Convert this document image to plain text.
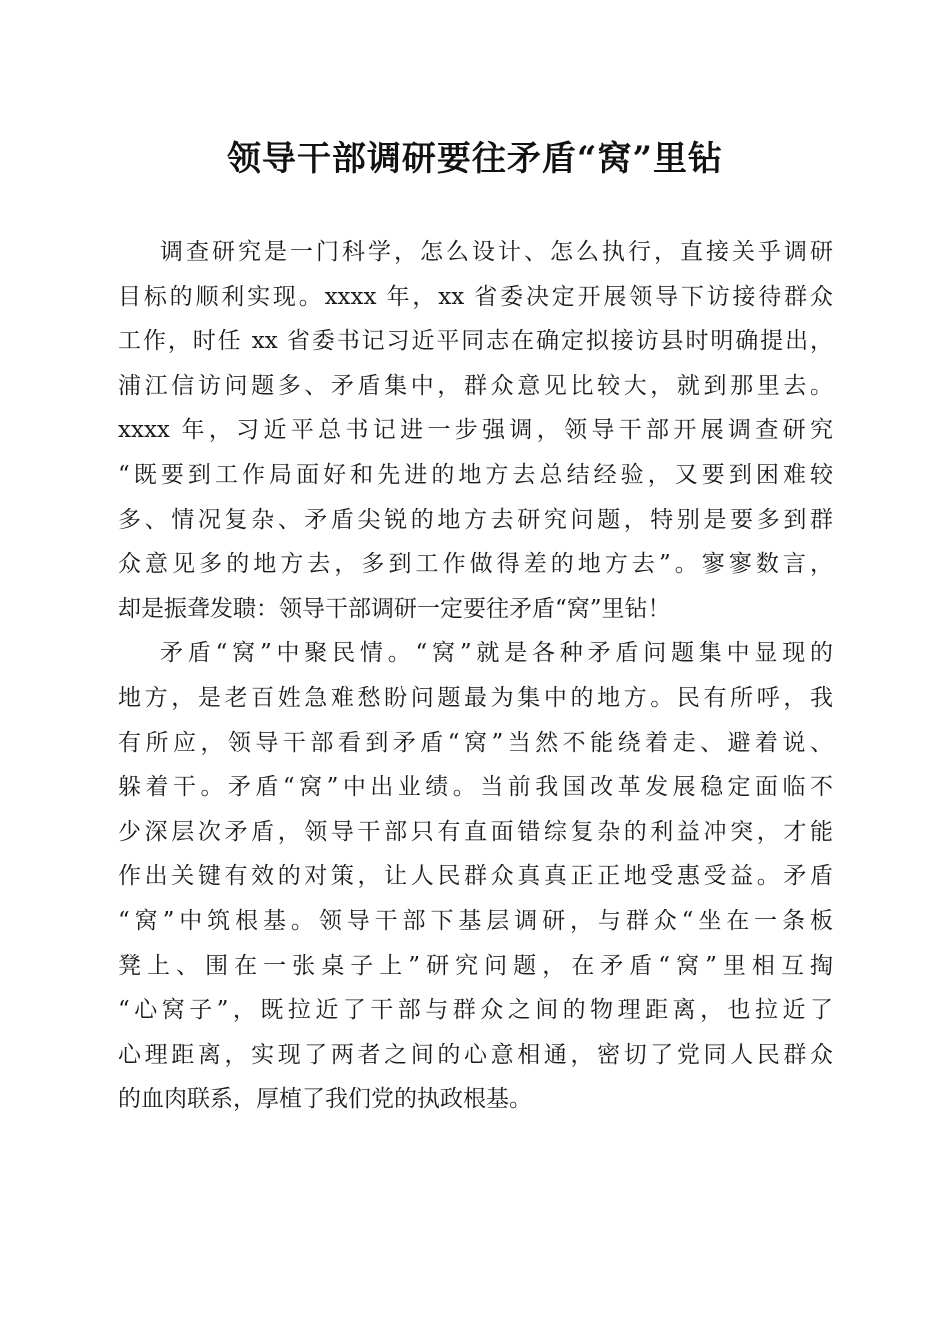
领导干部调研要往矛盾“窝”里钻
调查研究是一门科学，怎么设计、怎么执行，直接关乎调研
目标的顺利实现。xxxx 年，xx 省委决定开展领导下访接待群众
工作，时任 xx 省委书记习近平同志在确定拟接访县时明确提出，
浦江信访问题多、矛盾集中，群众意见比较大，就到那里去。
xxxx 年，习近平总书记进一步强调，领导干部开展调查研究
“既要到工作局面好和先进的地方去总结经验，又要到困难较
多、情况复杂、矛盾尖锐的地方去研究问题，特别是要多到群
众意见多的地方去，多到工作做得差的地方去”。寥寥数言，
却是振聋发聩：领导干部调研一定要往矛盾“窝”里钻！
矛盾“窝”中聚民情。“窝”就是各种矛盾问题集中显现的
地方，是老百姓急难愁盼问题最为集中的地方。民有所呼，我
有所应，领导干部看到矛盾“窝”当然不能绕着走、避着说、
躲着干。矛盾“窝”中出业绩。当前我国改革发展稳定面临不
少深层次矛盾，领导干部只有直面错综复杂的利益冲突，才能
作出关键有效的对策，让人民群众真真正正地受惠受益。矛盾
“窝”中筑根基。领导干部下基层调研，与群众“坐在一条板
凳上、围在一张桌子上”研究问题，在矛盾“窝”里相互掏
“心窝子”，既拉近了干部与群众之间的物理距离，也拉近了
心理距离，实现了两者之间的心意相通，密切了党同人民群众
的血肉联系，厚植了我们党的执政根基。
